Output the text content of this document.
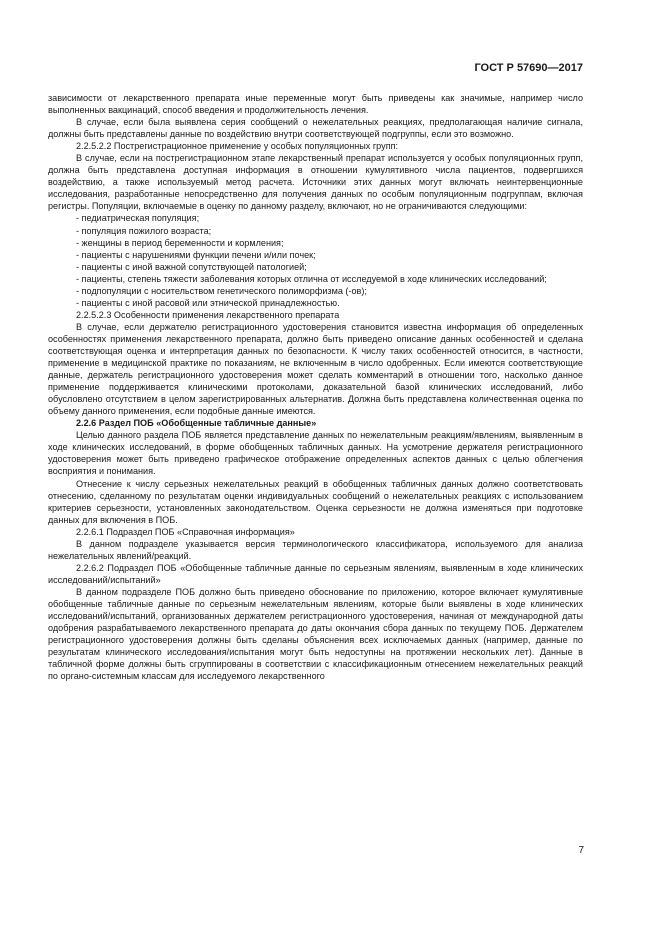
ГОСТ Р 57690—2017

зависимости от лекарственного препарата иные переменные могут быть приведены как значимые, например число выполненных вакцинаций, способ введения и продолжительность лечения.

В случае, если была выявлена серия сообщений о нежелательных реакциях, предполагающая наличие сигнала, должны быть представлены данные по воздействию внутри соответствующей подгруппы, если это возможно.

2.2.5.2.2 Пострегистрационное применение у особых популяционных групп:

В случае, если на пострегистрационном этапе лекарственный препарат используется у особых популяционных групп, должна быть представлена доступная информация в отношении кумулятивного числа пациентов, подвергшихся воздействию, а также используемый метод расчета. Источники этих данных могут включать неинтервенционные исследования, разработанные непосредственно для получения данных по особым популяционным подгруппам, включая регистры. Популяции, включаемые в оценку по данному разделу, включают, но не ограничиваются следующими:

- педиатрическая популяция;

- популяция пожилого возраста;

- женщины в период беременности и кормления;

- пациенты с нарушениями функции печени и/или почек;

- пациенты с иной важной сопутствующей патологией;

- пациенты, степень тяжести заболевания которых отлична от исследуемой в ходе клинических исследований;

- подпопуляции с носительством генетического полиморфизма (-ов);

- пациенты с иной расовой или этнической принадлежностью.

2.2.5.2.3 Особенности применения лекарственного препарата

В случае, если держателю регистрационного удостоверения становится известна информация об определенных особенностях применения лекарственного препарата, должно быть приведено описание данных особенностей и сделана соответствующая оценка и интерпретация данных по безопасности. К числу таких особенностей относится, в частности, применение в медицинской практике по показаниям, не включенным в число одобренных. Если имеются соответствующие данные, держатель регистрационного удостоверения может сделать комментарий в отношении того, насколько данное применение поддерживается клиническими протоколами, доказательной базой клинических исследований, либо обусловлено отсутствием в целом зарегистрированных альтернатив. Должна быть представлена количественная оценка по объему данного применения, если подобные данные имеются.

2.2.6 Раздел ПОБ «Обобщенные табличные данные»

Целью данного раздела ПОБ является представление данных по нежелательным реакциям/явлениям, выявленным в ходе клинических исследований, в форме обобщенных табличных данных. На усмотрение держателя регистрационного удостоверения может быть приведено графическое отображение определенных аспектов данных с целью облегчения восприятия и понимания.

Отнесение к числу серьезных нежелательных реакций в обобщенных табличных данных должно соответствовать отнесению, сделанному по результатам оценки индивидуальных сообщений о нежелательных реакциях с использованием критериев серьезности, установленных законодательством. Оценка серьезности не должна изменяться при подготовке данных для включения в ПОБ.

2.2.6.1 Подраздел ПОБ «Справочная информация»

В данном подразделе указывается версия терминологического классификатора, используемого для анализа нежелательных явлений/реакций.

2.2.6.2 Подраздел ПОБ «Обобщенные табличные данные по серьезным явлениям, выявленным в ходе клинических исследований/испытаний»

В данном подразделе ПОБ должно быть приведено обоснование по приложению, которое включает кумулятивные обобщенные табличные данные по серьезным нежелательным явлениям, которые были выявлены в ходе клинических исследований/испытаний, организованных держателем регистрационного удостоверения, начиная от международной даты одобрения разрабатываемого лекарственного препарата до даты окончания сбора данных по текущему ПОБ. Держателем регистрационного удостоверения должны быть сделаны объяснения всех исключаемых данных (например, данные по результатам клинического исследования/испытания могут быть недоступны на протяжении нескольких лет). Данные в табличной форме должны быть сгруппированы в соответствии с классификационным отнесением нежелательных реакций по органо-системным классам для исследуемого лекарственного

7
